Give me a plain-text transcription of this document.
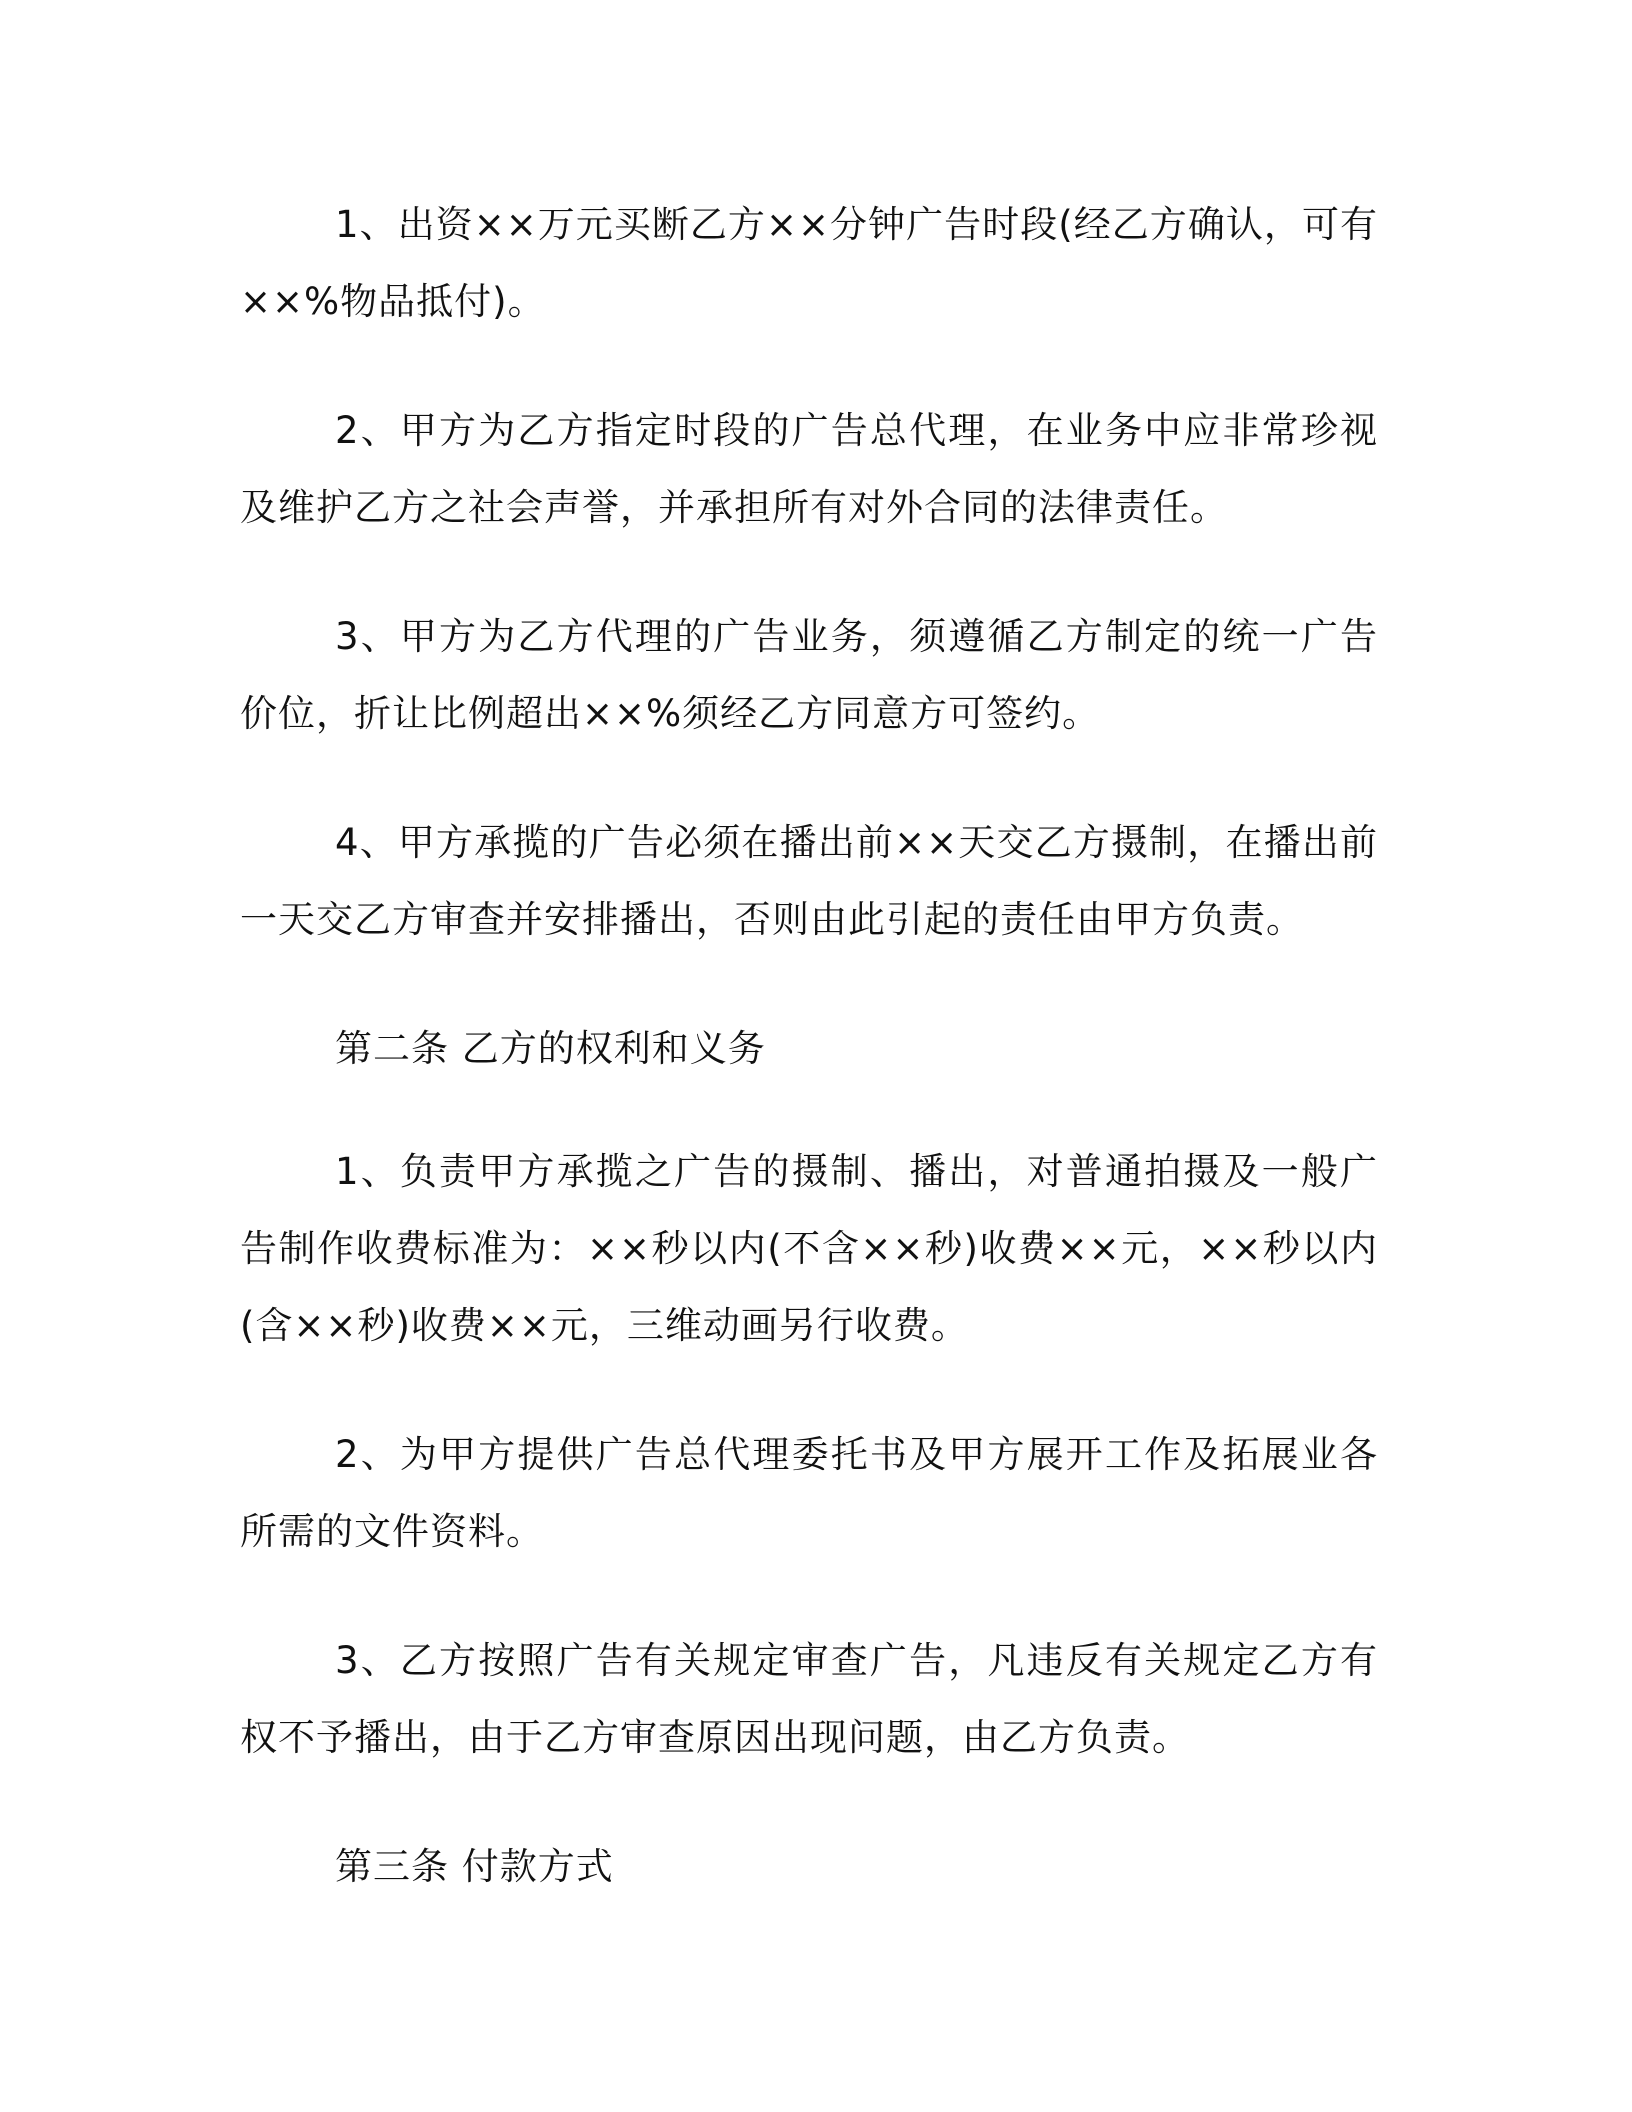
1、出资××万元买断乙方××分钟广告时段(经乙方确认，可有××%物品抵付)。

2、甲方为乙方指定时段的广告总代理，在业务中应非常珍视及维护乙方之社会声誉，并承担所有对外合同的法律责任。

3、甲方为乙方代理的广告业务，须遵循乙方制定的统一广告价位，折让比例超出××%须经乙方同意方可签约。

4、甲方承揽的广告必须在播出前××天交乙方摄制，在播出前一天交乙方审查并安排播出，否则由此引起的责任由甲方负责。

第二条 乙方的权利和义务

1、负责甲方承揽之广告的摄制、播出，对普通拍摄及一般广告制作收费标准为：××秒以内(不含××秒)收费××元，××秒以内(含××秒)收费××元，三维动画另行收费。

2、为甲方提供广告总代理委托书及甲方展开工作及拓展业各所需的文件资料。

3、乙方按照广告有关规定审查广告，凡违反有关规定乙方有权不予播出，由于乙方审查原因出现问题，由乙方负责。

第三条 付款方式
